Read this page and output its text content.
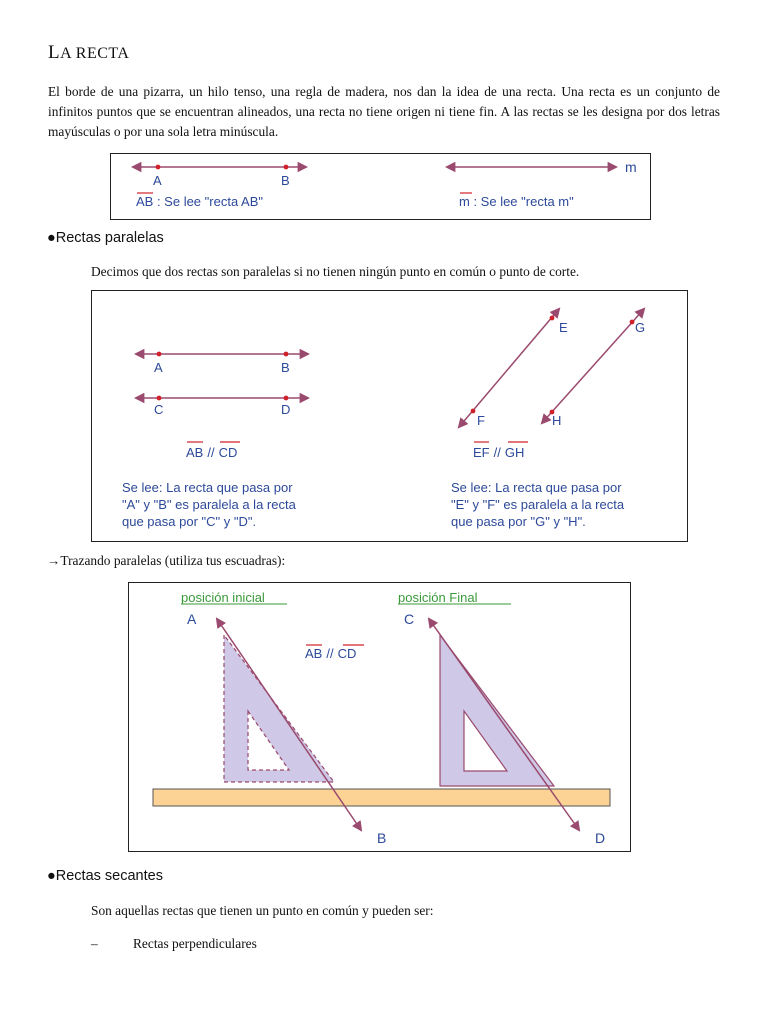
LA RECTA
El borde de una pizarra, un hilo tenso, una regla de madera, nos dan la idea de una recta. Una recta es un conjunto de infinitos puntos que se encuentran alineados, una recta no tiene origen ni tiene fin. A las rectas se les designa por dos letras mayúsculas o por una sola letra minúscula.
A	B
AB : Se lee "recta AB"
m
m : Se lee "recta m"
●Rectas paralelas
Decimos que dos rectas son paralelas si no tienen ningún punto en común o punto de corte.
A	B
C	D
AB // CD
Se lee: La recta que pasa por
"A" y "B" es paralela a la recta
que pasa por "C" y "D".
E
F
G
H
EF // GH
Se lee: La recta que pasa por
"E" y "F" es paralela a la recta
que pasa por "G" y "H".
→Trazando paralelas (utiliza tus escuadras):
posición inicial	posición Final
A
B
C
D
AB // CD
●Rectas secantes
Son aquellas rectas que tienen un punto en común y pueden ser:
–	Rectas perpendiculares
